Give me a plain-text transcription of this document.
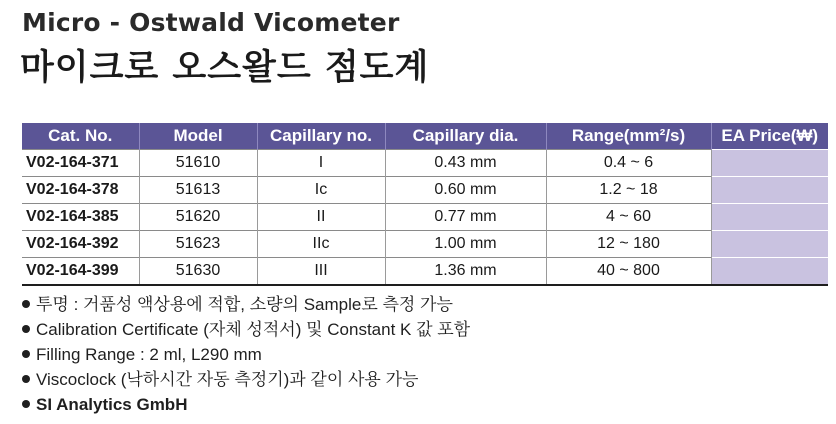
Micro - Ostwald Vicometer
마이크로 오스왈드 점도계
Cat. No.	Model	Capillary no.	Capillary dia.	Range(mm²/s)	EA Price(₩)
V02-164-371	51610	I	0.43 mm	0.4 ~ 6	
V02-164-378	51613	Ic	0.60 mm	1.2 ~ 18	
V02-164-385	51620	II	0.77 mm	4 ~ 60	
V02-164-392	51623	IIc	1.00 mm	12 ~ 180	
V02-164-399	51630	III	1.36 mm	40 ~ 800	
투명 : 거품성 액상용에 적합, 소량의 Sample로 측정 가능
Calibration Certificate (자체 성적서) 및 Constant K 값 포함
Filling Range : 2 ml, L290 mm
Viscoclock (낙하시간 자동 측정기)과 같이 사용 가능
SI Analytics GmbH
